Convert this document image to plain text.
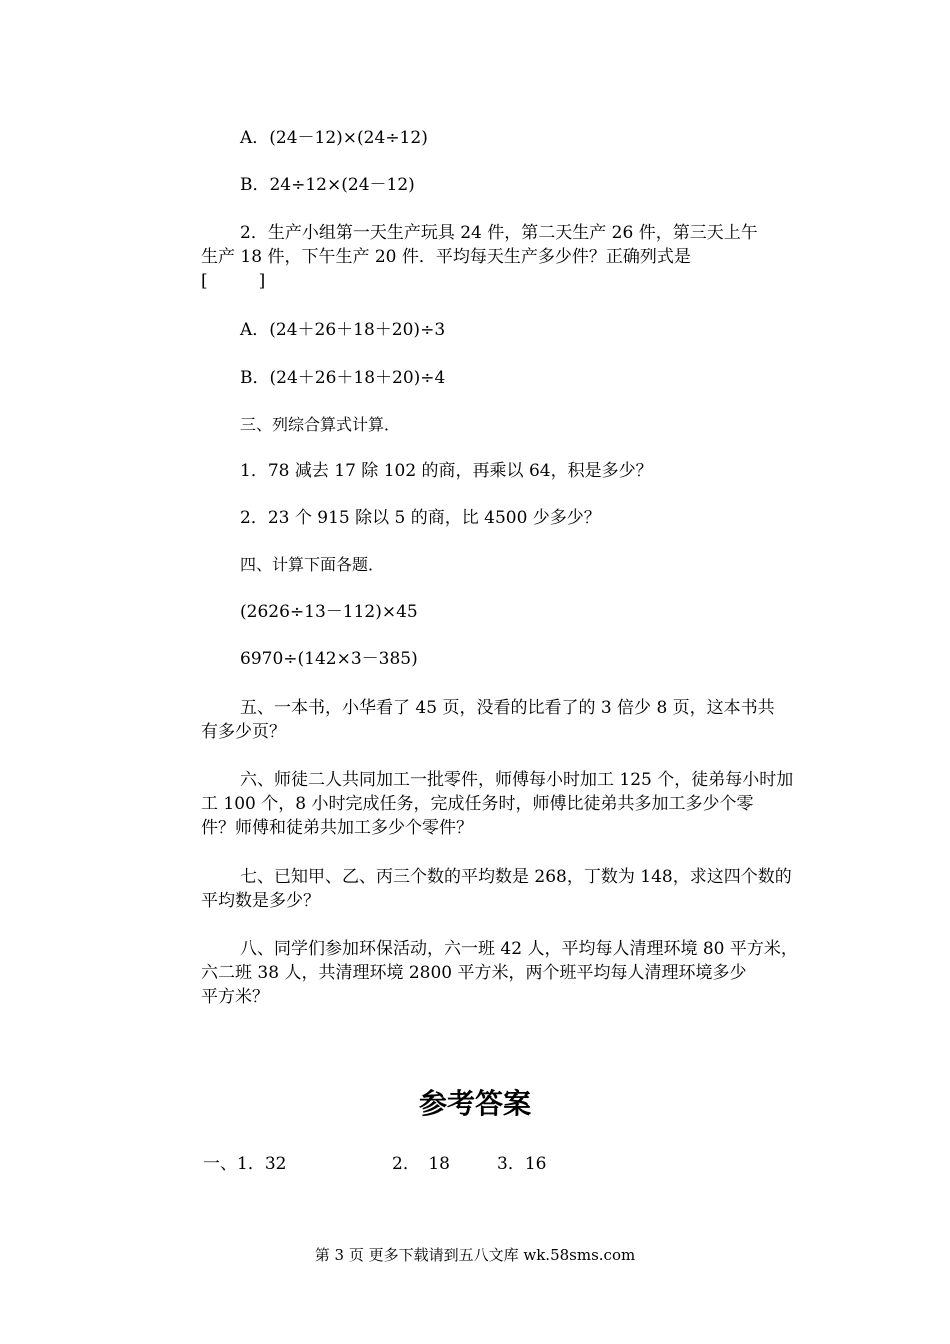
A．(24－12)×(24÷12)
B．24÷12×(24－12)
2．生产小组第一天生产玩具 24 件，第二天生产 26 件，第三天上午
生产 18 件，下午生产 20 件．平均每天生产多少件？正确列式是
[　　　]
A．(24＋26＋18＋20)÷3
B．(24＋26＋18＋20)÷4
三、列综合算式计算．
1．78 减去 17 除 102 的商，再乘以 64，积是多少？
2．23 个 915 除以 5 的商，比 4500 少多少？
四、计算下面各题．
(2626÷13－112)×45
6970÷(142×3－385)
五、一本书，小华看了 45 页，没看的比看了的 3 倍少 8 页，这本书共
有多少页？
六、师徒二人共同加工一批零件，师傅每小时加工 125 个，徒弟每小时加
工 100 个，8 小时完成任务，完成任务时，师傅比徒弟共多加工多少个零
件？师傅和徒弟共加工多少个零件？
七、已知甲、乙、丙三个数的平均数是 268，丁数为 148，求这四个数的
平均数是多少？
八、同学们参加环保活动，六一班 42 人，平均每人清理环境 80 平方米，
六二班 38 人，共清理环境 2800 平方米，两个班平均每人清理环境多少
平方米？
参考答案
一、1．32	2．　18	3．16
第 3 页 更多下载请到五八文库 wk.58sms.com
